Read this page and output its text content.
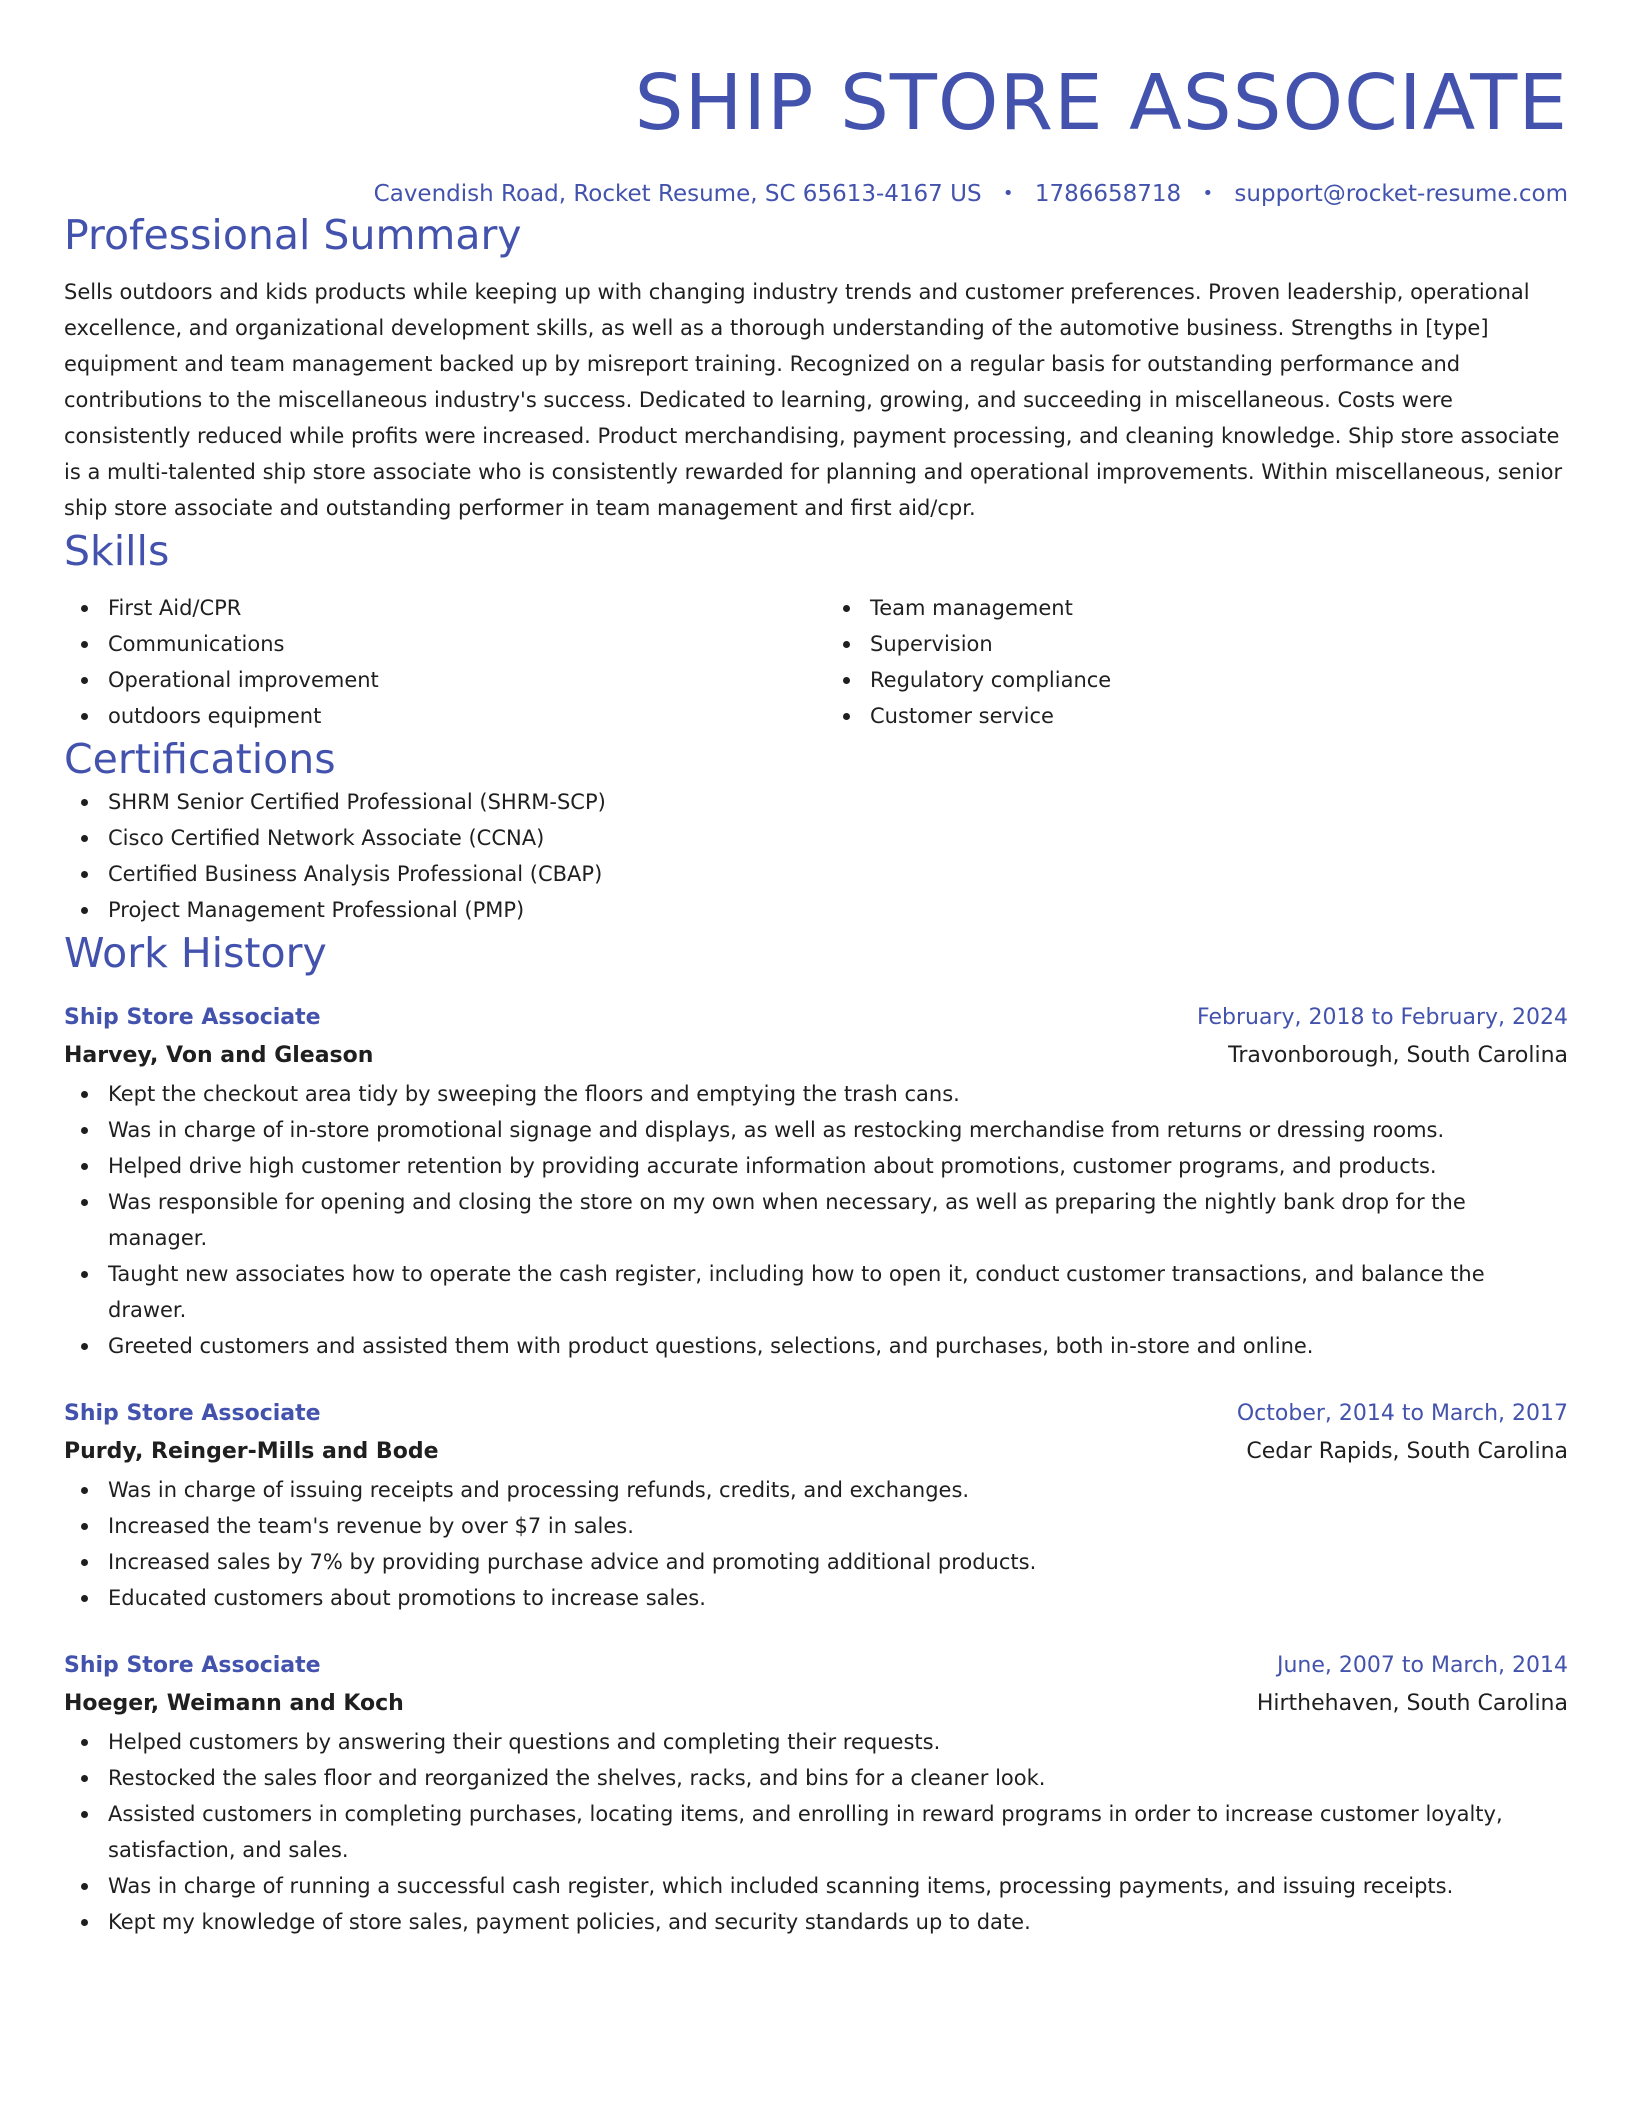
SHIP STORE ASSOCIATE
Cavendish Road, Rocket Resume, SC 65613-4167 US • 1786658718 • support@rocket-resume.com
Professional Summary

Sells outdoors and kids products while keeping up with changing industry trends and customer preferences. Proven leadership, operational excellence, and organizational development skills, as well as a thorough understanding of the automotive business. Strengths in [type] equipment and team management backed up by misreport training. Recognized on a regular basis for outstanding performance and contributions to the miscellaneous industry's success. Dedicated to learning, growing, and succeeding in miscellaneous. Costs were consistently reduced while profits were increased. Product merchandising, payment processing, and cleaning knowledge. Ship store associate is a multi-talented ship store associate who is consistently rewarded for planning and operational improvements. Within miscellaneous, senior ship store associate and outstanding performer in team management and first aid/cpr.

Skills
First Aid/CPR
Communications
Operational improvement
outdoors equipment
Team management
Supervision
Regulatory compliance
Customer service
Certifications
SHRM Senior Certified Professional (SHRM-SCP)
Cisco Certified Network Associate (CCNA)
Certified Business Analysis Professional (CBAP)
Project Management Professional (PMP)
Work History
Ship Store Associate	February, 2018 to February, 2024
Harvey, Von and Gleason	Travonborough, South Carolina
Kept the checkout area tidy by sweeping the floors and emptying the trash cans.
Was in charge of in-store promotional signage and displays, as well as restocking merchandise from returns or dressing rooms.
Helped drive high customer retention by providing accurate information about promotions, customer programs, and products.
Was responsible for opening and closing the store on my own when necessary, as well as preparing the nightly bank drop for the manager.
Taught new associates how to operate the cash register, including how to open it, conduct customer transactions, and balance the drawer.
Greeted customers and assisted them with product questions, selections, and purchases, both in-store and online.
Ship Store Associate	October, 2014 to March, 2017
Purdy, Reinger-Mills and Bode	Cedar Rapids, South Carolina
Was in charge of issuing receipts and processing refunds, credits, and exchanges.
Increased the team's revenue by over $7 in sales.
Increased sales by 7% by providing purchase advice and promoting additional products.
Educated customers about promotions to increase sales.
Ship Store Associate	June, 2007 to March, 2014
Hoeger, Weimann and Koch	Hirthehaven, South Carolina
Helped customers by answering their questions and completing their requests.
Restocked the sales floor and reorganized the shelves, racks, and bins for a cleaner look.
Assisted customers in completing purchases, locating items, and enrolling in reward programs in order to increase customer loyalty, satisfaction, and sales.
Was in charge of running a successful cash register, which included scanning items, processing payments, and issuing receipts.
Kept my knowledge of store sales, payment policies, and security standards up to date.
